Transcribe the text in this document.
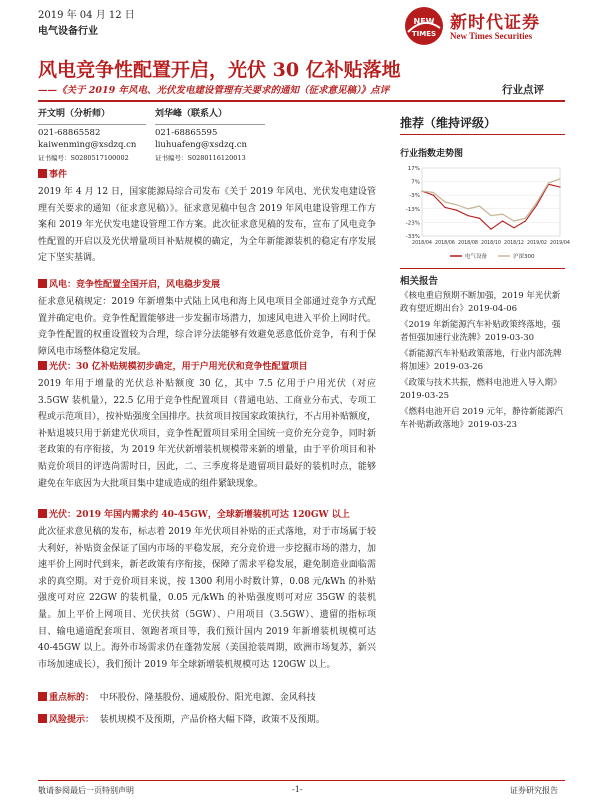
2019 年 04 月 12 日
电气设备行业
NEW
TIMES
新时代证券
New Times Securities
风电竞争性配置开启，光伏 30 亿补贴落地
——《关于 2019 年风电、光伏发电建设管理有关要求的通知（征求意见稿）》点评	行业点评
开文明（分析师）
021-68865582
kaiwenming@xsdzq.cn
证书编号：S0280517100002
刘华峰（联系人）
021-68865595
liuhuafeng@xsdzq.cn
证书编号：S0280116120013
推荐（维持评级）
行业指数走势图
17%
7%
-3%
-13%
-23%
-33%
2018/04 2018/06 2018/08 2018/10 2018/12 2019/02 2019/04
电气设备	沪深300
相关报告
《核电重启预期不断加强，2019 年光伏新政有望近期出台》2019-04-06
《2019 年新能源汽车补贴政策终落地，强者恒强加速行业洗牌》2019-03-30
《新能源汽车补贴政策落地，行业内部洗牌将加速》2019-03-26
《政策与技术共振，燃料电池进入导入期》2019-03-25
《燃料电池开启 2019 元年，静待新能源汽车补贴新政落地》2019-03-23
事件
2019 年 4 月 12 日，国家能源局综合司发布《关于 2019 年风电、光伏发电建设管理有关要求的通知（征求意见稿）》。征求意见稿中包含 2019 年风电建设管理工作方案和 2019 年光伏发电建设管理工作方案。此次征求意见稿的发布，宣布了风电竞争性配置的开启以及光伏增量项目补贴规模的确定，为全年新能源装机的稳定有序发展定下坚实基调。
风电：竞争性配置全国开启，风电稳步发展
征求意见稿规定：2019 年新增集中式陆上风电和海上风电项目全部通过竞争方式配置并确定电价。竞争性配置能够进一步发掘市场潜力，加速风电进入平价上网时代。竞争性配置的权重设置较为合理，综合评分法能够有效避免恶意低价竞争，有利于保障风电市场整体稳定发展。
光伏：30 亿补贴规模初步确定，用于户用光伏和竞争性配置项目
2019 年用于增量的光伏总补贴额度 30 亿，其中 7.5 亿用于户用光伏（对应 3.5GW 装机量），22.5 亿用于竞争性配置项目（普通电站、工商业分布式、专项工程或示范项目），按补贴强度全国排序。扶贫项目按国家政策执行，不占用补贴额度，补贴退坡只用于新建光伏项目，竞争性配置项目采用全国统一竞价充分竞争，同时新老政策的有序衔接，为 2019 年光伏新增装机规模带来新的增量，由于平价项目和补贴竞价项目的评选尚需时日，因此，二、三季度将是遗留项目最好的装机时点，能够避免在年底因为大批项目集中建成造成的组件紧缺现象。
光伏：2019 年国内需求约 40-45GW，全球新增装机可达 120GW 以上
此次征求意见稿的发布，标志着 2019 年光伏项目补贴的正式落地，对于市场属于较大利好，补贴资金保证了国内市场的平稳发展，充分竞价进一步挖掘市场的潜力，加速平价上网时代到来，新老政策有序衔接，保障了需求平稳发展，避免制造业面临需求的真空期。对于竞价项目来说，按 1300 利用小时数计算，0.08 元/kWh 的补贴强度可对应 22GW 的装机量，0.05 元/kWh 的补贴强度则可对应 35GW 的装机量。加上平价上网项目、光伏扶贫（5GW）、户用项目（3.5GW）、遗留的指标项目、输电通道配套项目、领跑者项目等，我们预计国内 2019 年新增装机规模可达 40-45GW 以上。海外市场需求仍在蓬勃发展（美国抢装周期，欧洲市场复苏，新兴市场加速成长），我们预计 2019 年全球新增装机规模可达 120GW 以上。
重点标的： 中环股份、隆基股份、通威股份、阳光电源、金风科技
风险提示： 装机规模不及预期，产品价格大幅下降，政策不及预期。
敬请参阅最后一页特别声明	-1-	证券研究报告
